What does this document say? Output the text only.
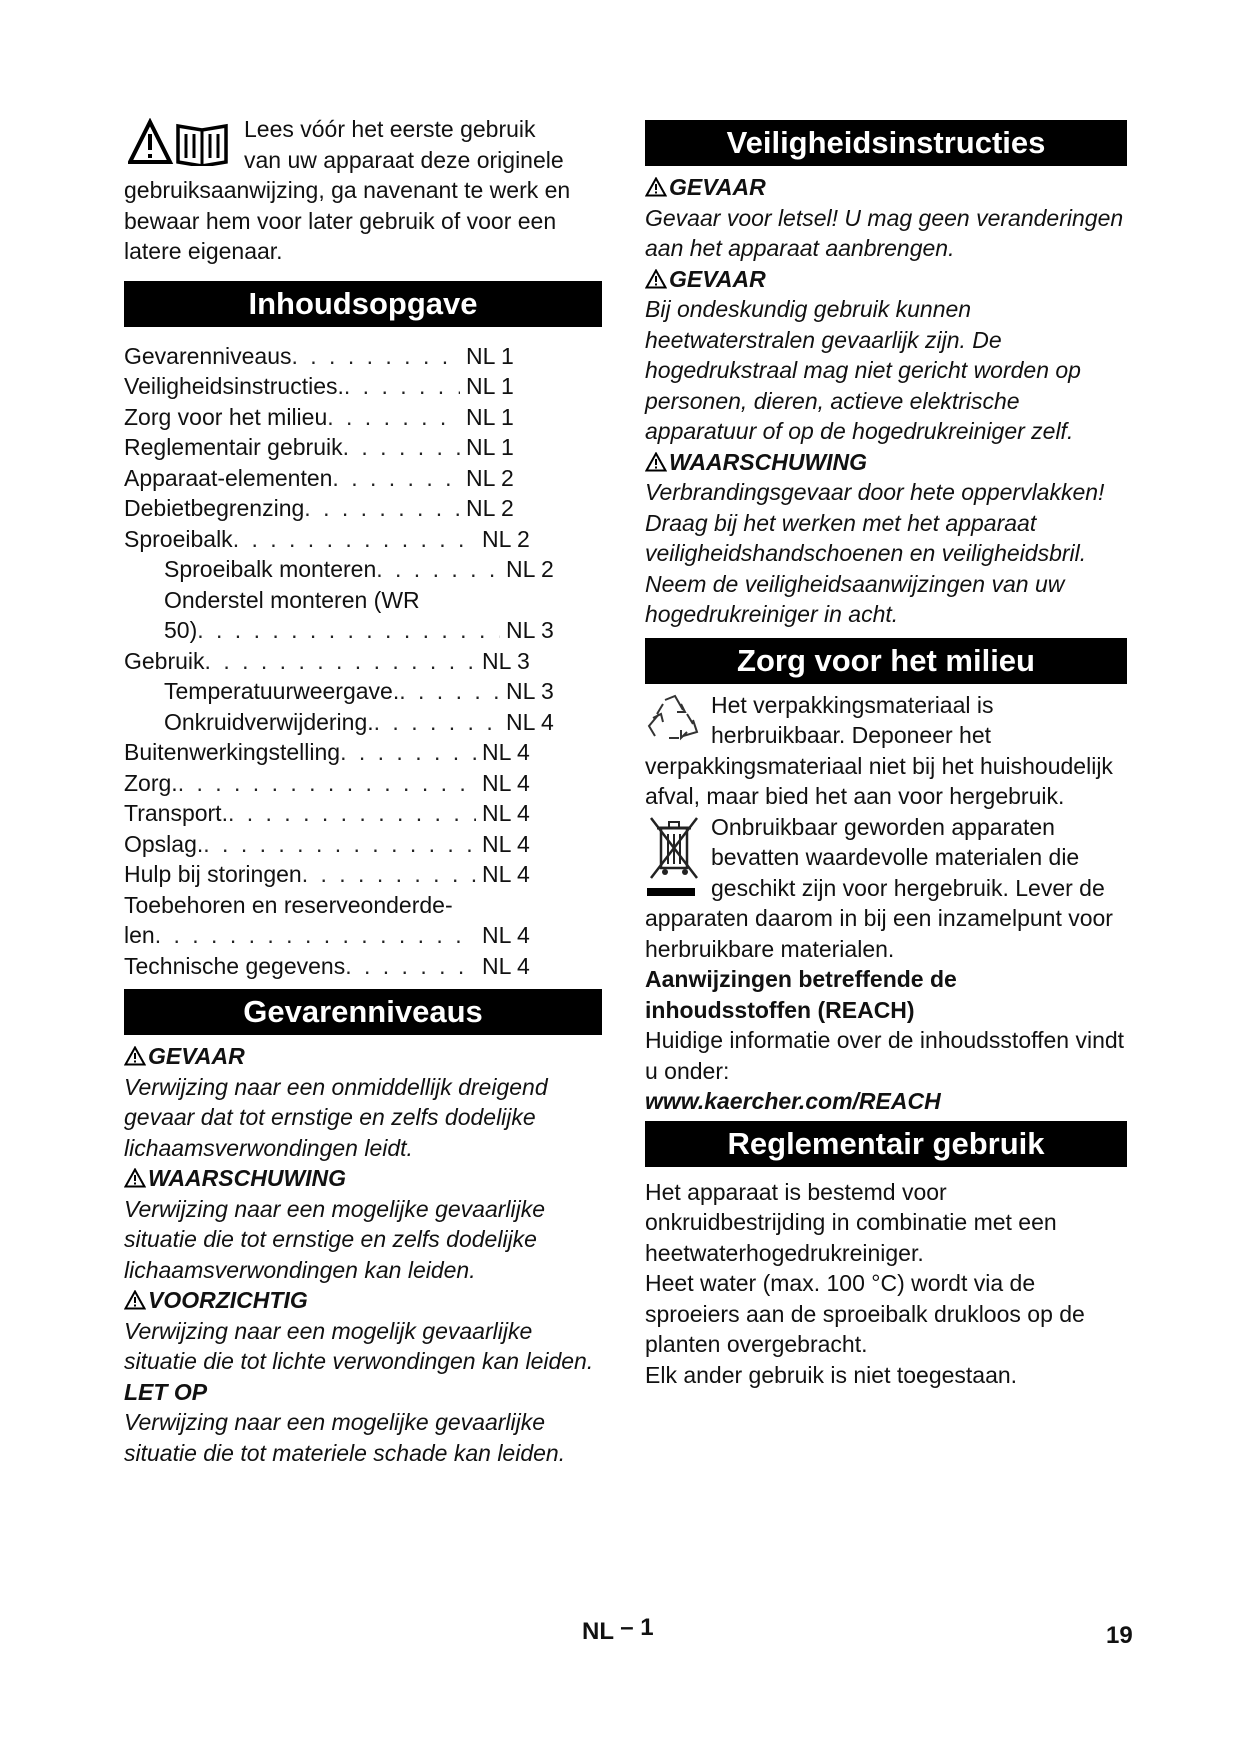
Lees vóór het eerste gebruik
van uw apparaat deze originele
gebruiksaanwijzing, ga navenant te werk en bewaar hem voor later gebruik of voor een latere eigenaar.
Inhoudsopgave
Gevarenniveaus . . .	NL 1
Veiligheidsinstructies. . . .	NL 1
Zorg voor het milieu . . .	NL 1
Reglementair gebruik . . .	NL 1
Apparaat-elementen . . .	NL 2
Debietbegrenzing . . .	NL 2
Sproeibalk . . .	NL 2
Sproeibalk monteren . . .	NL 2
Onderstel monteren (WR
50) . . .	NL 3
Gebruik . . .	NL 3
Temperatuurweergave. . . .	NL 3
Onkruidverwijdering. . . .	NL 4
Buitenwerkingstelling . . .	NL 4
Zorg. . . .	NL 4
Transport. . . .	NL 4
Opslag. . . .	NL 4
Hulp bij storingen . . .	NL 4
Toebehoren en reserveonderde-
len . . .	NL 4
Technische gegevens . . .	NL 4
Gevarenniveaus
GEVAAR

Verwijzing naar een onmiddellijk dreigend gevaar dat tot ernstige en zelfs dodelijke lichaamsverwondingen leidt.

WAARSCHUWING

Verwijzing naar een mogelijke gevaarlijke situatie die tot ernstige en zelfs dodelijke lichaamsverwondingen kan leiden.

VOORZICHTIG

Verwijzing naar een mogelijk gevaarlijke situatie die tot lichte verwondingen kan leiden.

LET OP

Verwijzing naar een mogelijke gevaarlijke situatie die tot materiele schade kan leiden.

Veiligheidsinstructies
GEVAAR

Gevaar voor letsel! U mag geen veranderingen aan het apparaat aanbrengen.

GEVAAR

Bij ondeskundig gebruik kunnen heetwaterstralen gevaarlijk zijn. De hogedrukstraal mag niet gericht worden op personen, dieren, actieve elektrische apparatuur of op de hogedrukreiniger zelf.

WAARSCHUWING

Verbrandingsgevaar door hete oppervlakken!

Draag bij het werken met het apparaat veiligheidshandschoenen en veiligheidsbril. Neem de veiligheidsaanwijzingen van uw hogedrukreiniger in acht.

Zorg voor het milieu
Het verpakkingsmateriaal is herbruikbaar. Deponeer het verpakkingsmateriaal niet bij het huishoudelijk afval, maar bied het aan voor hergebruik.
Onbruikbaar geworden apparaten bevatten waardevolle materialen die geschikt zijn voor hergebruik. Lever de apparaten daarom in bij een inzamelpunt voor herbruikbare materialen.

Aanwijzingen betreffende de inhoudsstoffen (REACH)

Huidige informatie over de inhoudsstoffen vindt u onder:

www.kaercher.com/REACH

Reglementair gebruik

Het apparaat is bestemd voor onkruidbestrijding in combinatie met een heetwaterhogedrukreiniger.

Heet water (max. 100 °C) wordt via de sproeiers aan de sproeibalk drukloos op de planten overgebracht.

Elk ander gebruik is niet toegestaan.

NL – 1	19
